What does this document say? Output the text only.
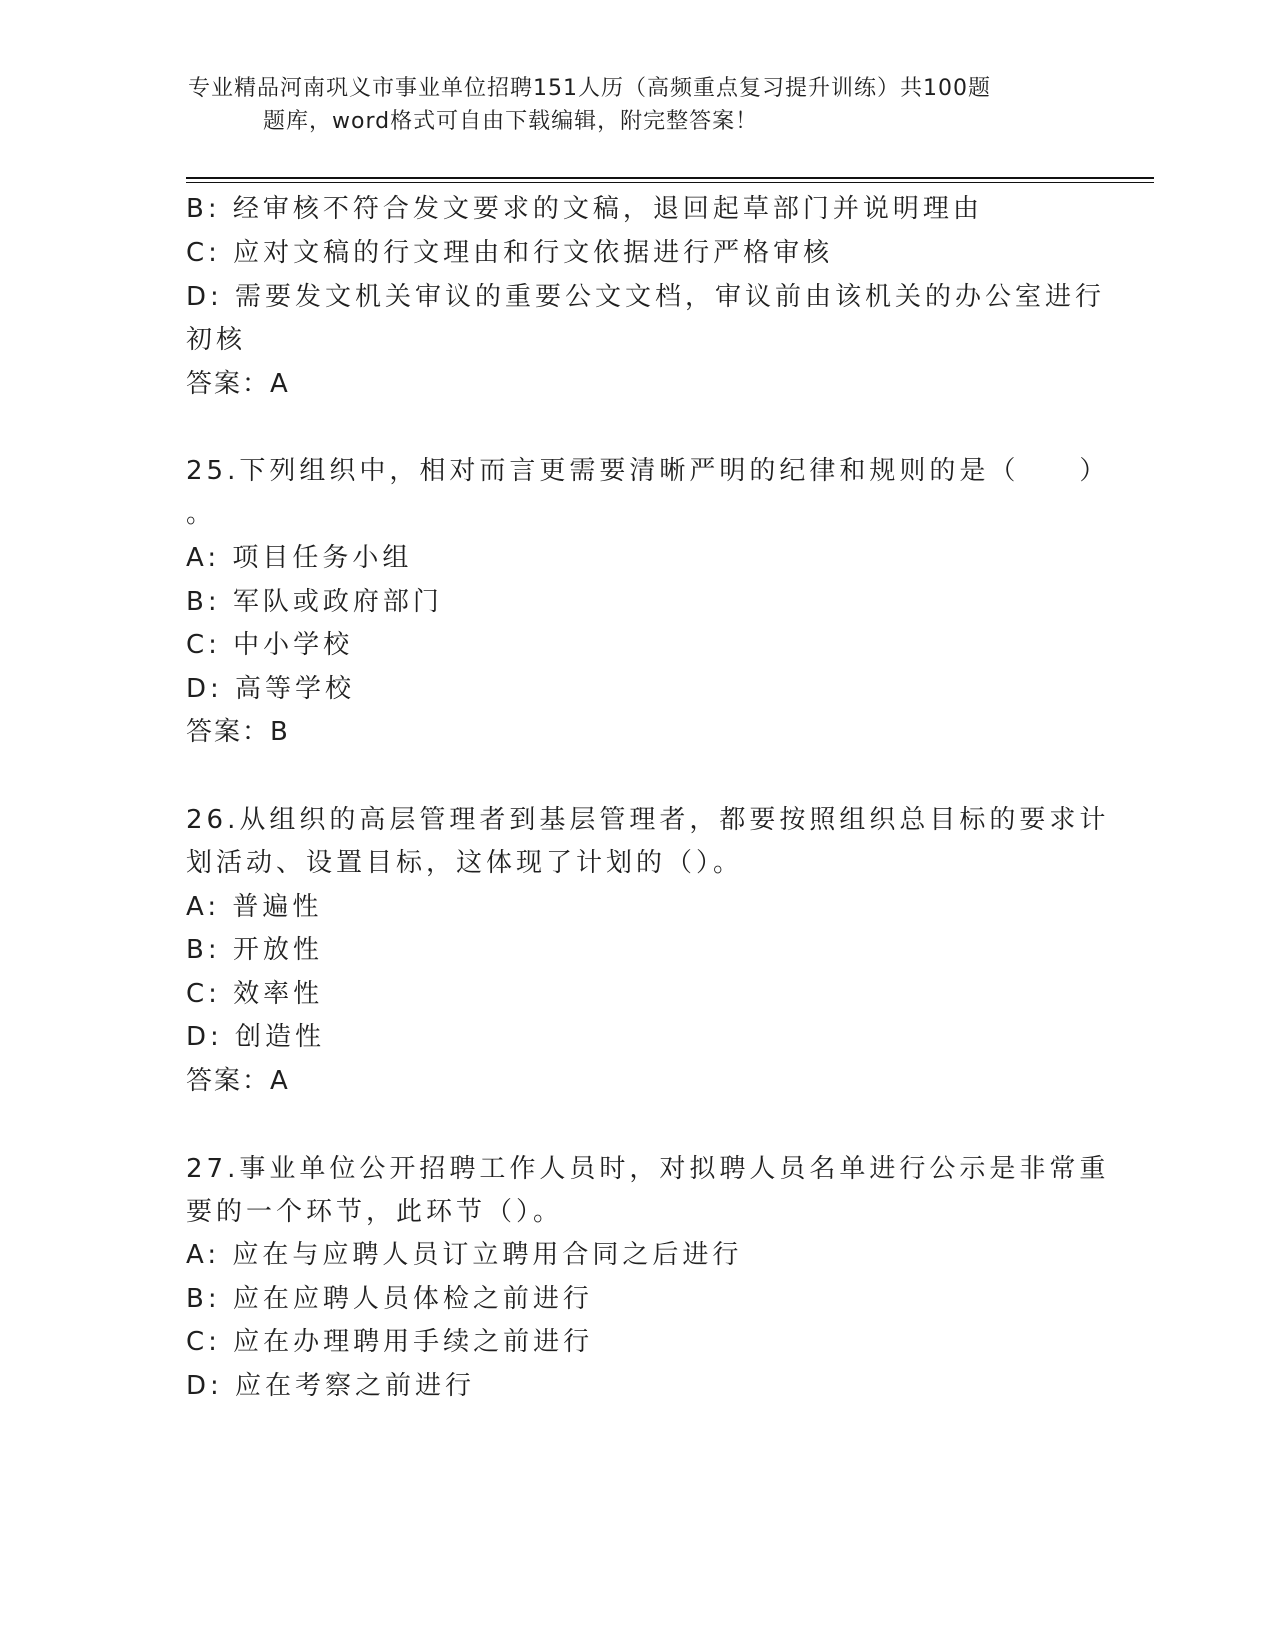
专业精品河南巩义市事业单位招聘151人历（高频重点复习提升训练）共100题
题库，word格式可自由下载编辑，附完整答案！
B: 经审核不符合发文要求的文稿，退回起草部门并说明理由
C: 应对文稿的行文理由和行文依据进行严格审核
D: 需要发文机关审议的重要公文文档，审议前由该机关的办公室进行
初核
答案：A
25.下列组织中，相对而言更需要清晰严明的纪律和规则的是（　　）
。
A: 项目任务小组
B: 军队或政府部门
C: 中小学校
D: 高等学校
答案：B
26.从组织的高层管理者到基层管理者，都要按照组织总目标的要求计
划活动、设置目标，这体现了计划的（）。
A: 普遍性
B: 开放性
C: 效率性
D: 创造性
答案：A
27.事业单位公开招聘工作人员时，对拟聘人员名单进行公示是非常重
要的一个环节，此环节（）。
A: 应在与应聘人员订立聘用合同之后进行
B: 应在应聘人员体检之前进行
C: 应在办理聘用手续之前进行
D: 应在考察之前进行
